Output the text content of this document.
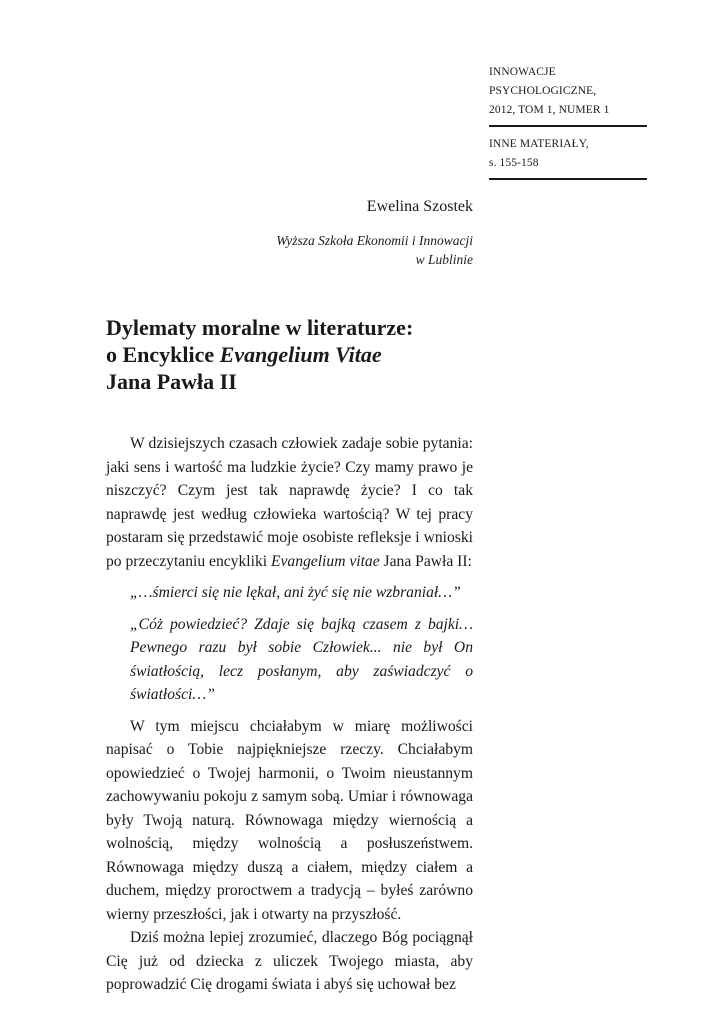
INNOWACJE PSYCHOLOGICZNE,
2012, TOM 1, NUMER 1
INNE MATERIAŁY,
s. 155-158
Ewelina Szostek
Wyższa Szkoła Ekonomii i Innowacji
w Lublinie
Dylematy moralne w literaturze:
o Encyklice Evangelium Vitae
Jana Pawła II

W dzisiejszych czasach człowiek zadaje sobie pytania: jaki sens i wartość ma ludzkie życie? Czy mamy prawo je niszczyć? Czym jest tak naprawdę życie? I co tak naprawdę jest według człowieka wartością? W tej pracy postaram się przedstawić moje osobiste refleksje i wnioski po przeczytaniu encykliki Evangelium vitae Jana Pawła II:

„…śmierci się nie lękał, ani żyć się nie wzbraniał…”

„Cóż powiedzieć? Zdaje się bajką czasem z bajki… Pewnego razu był sobie Człowiek... nie był On światłością, lecz posłanym, aby zaświadczyć o światłości…”

W tym miejscu chciałabym w miarę możliwości napisać o Tobie najpiękniejsze rzeczy. Chciałabym opowiedzieć o Twojej harmonii, o Twoim nieustannym zachowywaniu pokoju z samym sobą. Umiar i równowaga były Twoją naturą. Równowaga między wiernością a wolnością, między wolnością a posłuszeństwem. Równowaga między duszą a ciałem, między ciałem a duchem, między proroctwem a tradycją – byłeś zarówno wierny przeszłości, jak i otwarty na przyszłość.

Dziś można lepiej zrozumieć, dlaczego Bóg pociągnął Cię już od dziecka z uliczek Twojego miasta, aby poprowadzić Cię drogami świata i abyś się uchował bez
